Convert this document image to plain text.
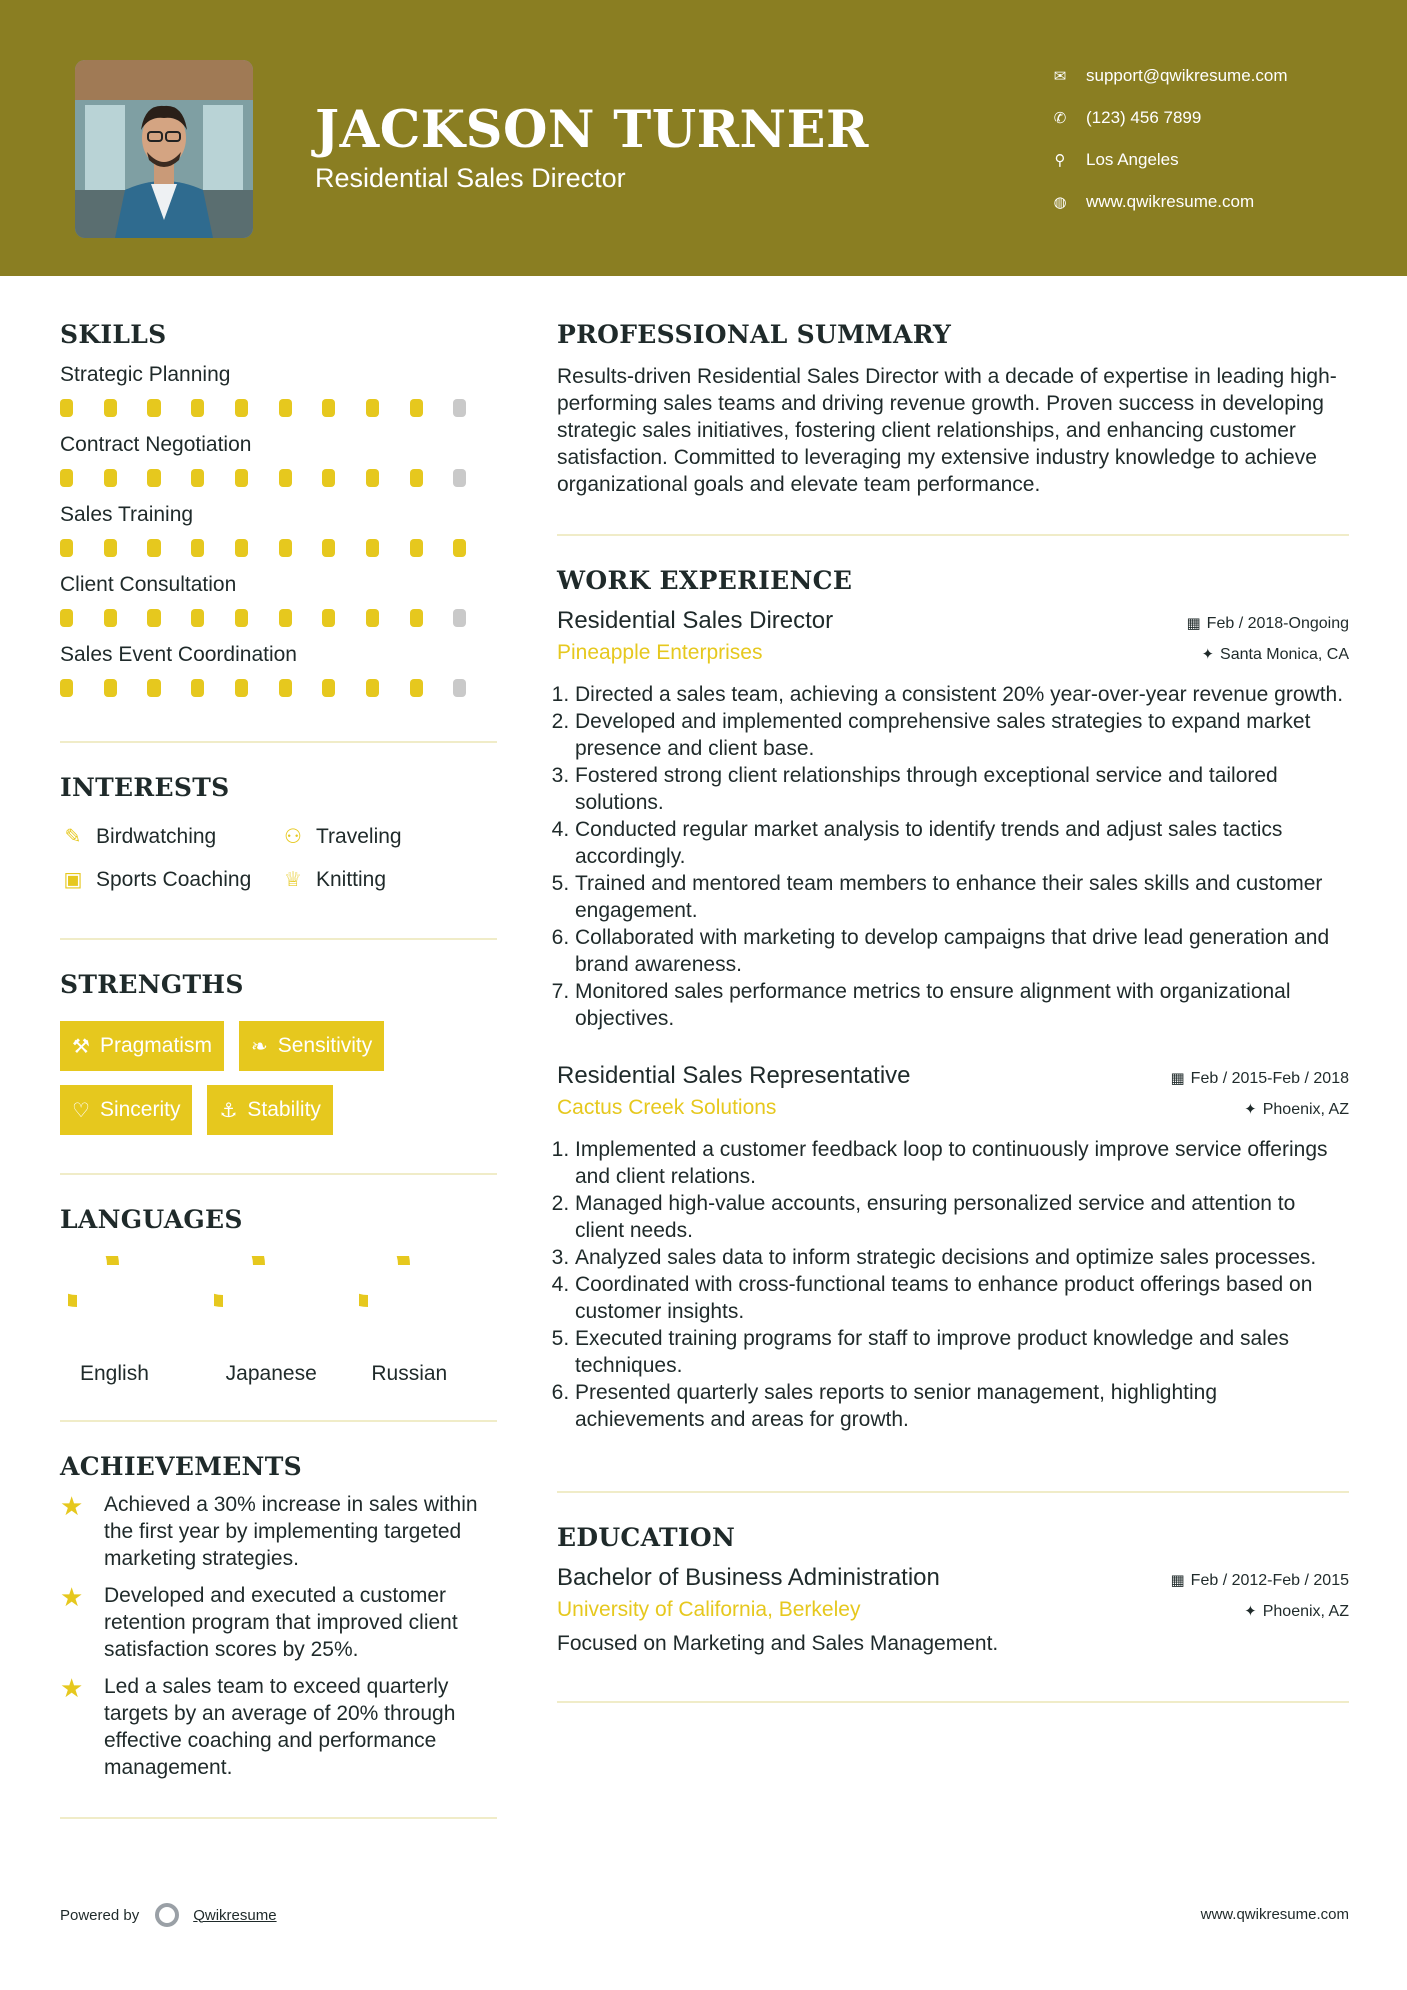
JACKSON TURNER
Residential Sales Director
✉ support@qwikresume.com
✆ (123) 456 7899
⚲ Los Angeles
◍ www.qwikresume.com
SKILLS
Strategic Planning
Contract Negotiation
Sales Training
Client Consultation
Sales Event Coordination
INTERESTS
✎ Birdwatching	⚇ Traveling
▣ Sports Coaching ♕ Knitting
STRENGTHS
⚒ Pragmatism ❧ Sensitivity
♡ Sincerity ⚓ Stability
LANGUAGES
English	Japanese	Russian
ACHIEVEMENTS
★ Achieved a 30% increase in sales within the first year by implementing targeted marketing strategies.
★ Developed and executed a customer retention program that improved client satisfaction scores by 25%.
★ Led a sales team to exceed quarterly targets by an average of 20% through effective coaching and performance management.
PROFESSIONAL SUMMARY
Results-driven Residential Sales Director with a decade of expertise in leading high-performing sales teams and driving revenue growth. Proven success in developing strategic sales initiatives, fostering client relationships, and enhancing customer satisfaction. Committed to leveraging my extensive industry knowledge to achieve organizational goals and elevate team performance.
WORK EXPERIENCE
Residential Sales Director	▦ Feb / 2018-Ongoing
Pineapple Enterprises	✦ Santa Monica, CA
1. Directed a sales team, achieving a consistent 20% year-over-year revenue growth.
2. Developed and implemented comprehensive sales strategies to expand market presence and client base.
3. Fostered strong client relationships through exceptional service and tailored solutions.
4. Conducted regular market analysis to identify trends and adjust sales tactics accordingly.
5. Trained and mentored team members to enhance their sales skills and customer engagement.
6. Collaborated with marketing to develop campaigns that drive lead generation and brand awareness.
7. Monitored sales performance metrics to ensure alignment with organizational objectives.
Residential Sales Representative	▦ Feb / 2015-Feb / 2018
Cactus Creek Solutions	✦ Phoenix, AZ
1. Implemented a customer feedback loop to continuously improve service offerings and client relations.
2. Managed high-value accounts, ensuring personalized service and attention to client needs.
3. Analyzed sales data to inform strategic decisions and optimize sales processes.
4. Coordinated with cross-functional teams to enhance product offerings based on customer insights.
5. Executed training programs for staff to improve product knowledge and sales techniques.
6. Presented quarterly sales reports to senior management, highlighting achievements and areas for growth.
EDUCATION
Bachelor of Business Administration	▦ Feb / 2012-Feb / 2015
University of California, Berkeley	✦ Phoenix, AZ
Focused on Marketing and Sales Management.
Powered by	Qwikresume	www.qwikresume.com
